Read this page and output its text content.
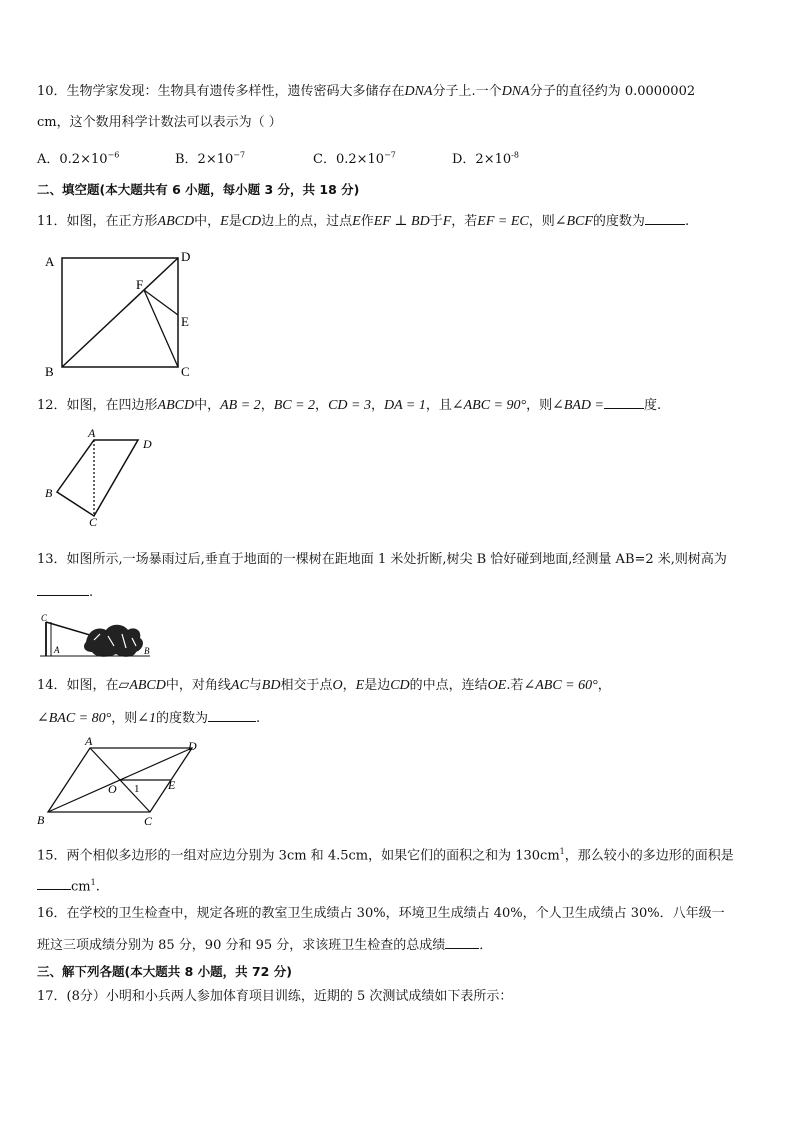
10．生物学家发现：生物具有遗传多样性，遗传密码大多储存在DNA分子上.一个DNA分子的直径约为 0.0000002
cm，这个数用科学计数法可以表示为（ ）
A．$0.2\times 10^{-6}$	B．$2\times 10^{-7}$	C．$0.2\times 10^{-7}$	D．$2\times 10^{-8}$
二、填空题(本大题共有 6 小题，每小题 3 分，共 18 分)
11．如图，在正方形ABCD中，E是CD边上的点，过点E作EF ⊥ BD于F，若EF = EC，则∠BCF的度数为	.
A	D
F
E
B	C
12．如图，在四边形ABCD中，AB = 2，BC = 2，CD = 3，DA = 1，且∠ABC = 90°，则∠BAD =	度.
A
D
B
C
13．如图所示,一场暴雨过后,垂直于地面的一棵树在距地面 1 米处折断,树尖 B 恰好碰到地面,经测量 AB=2 米,则树高为
.
C
A	B
14．如图，在▱ABCD中，对角线AC与BD相交于点O，E是边CD的中点，连结OE.若∠ABC = 60°，
∠BAC = 80°，则∠1的度数为	.
A	D
O 1 E
B	C
15．两个相似多边形的一组对应边分别为 3cm 和 4.5cm，如果它们的面积之和为 $130cm^1$，那么较小的多边形的面积是
$cm^1$.
16．在学校的卫生检查中，规定各班的教室卫生成绩占 30%，环境卫生成绩占 40%，个人卫生成绩占 30%．八年级一
班这三项成绩分别为 85 分，90 分和 95 分，求该班卫生检查的总成绩	．
三、解下列各题(本大题共 8 小题，共 72 分)
17．(8分）小明和小兵两人参加体育项目训练，近期的 5 次测试成绩如下表所示：
